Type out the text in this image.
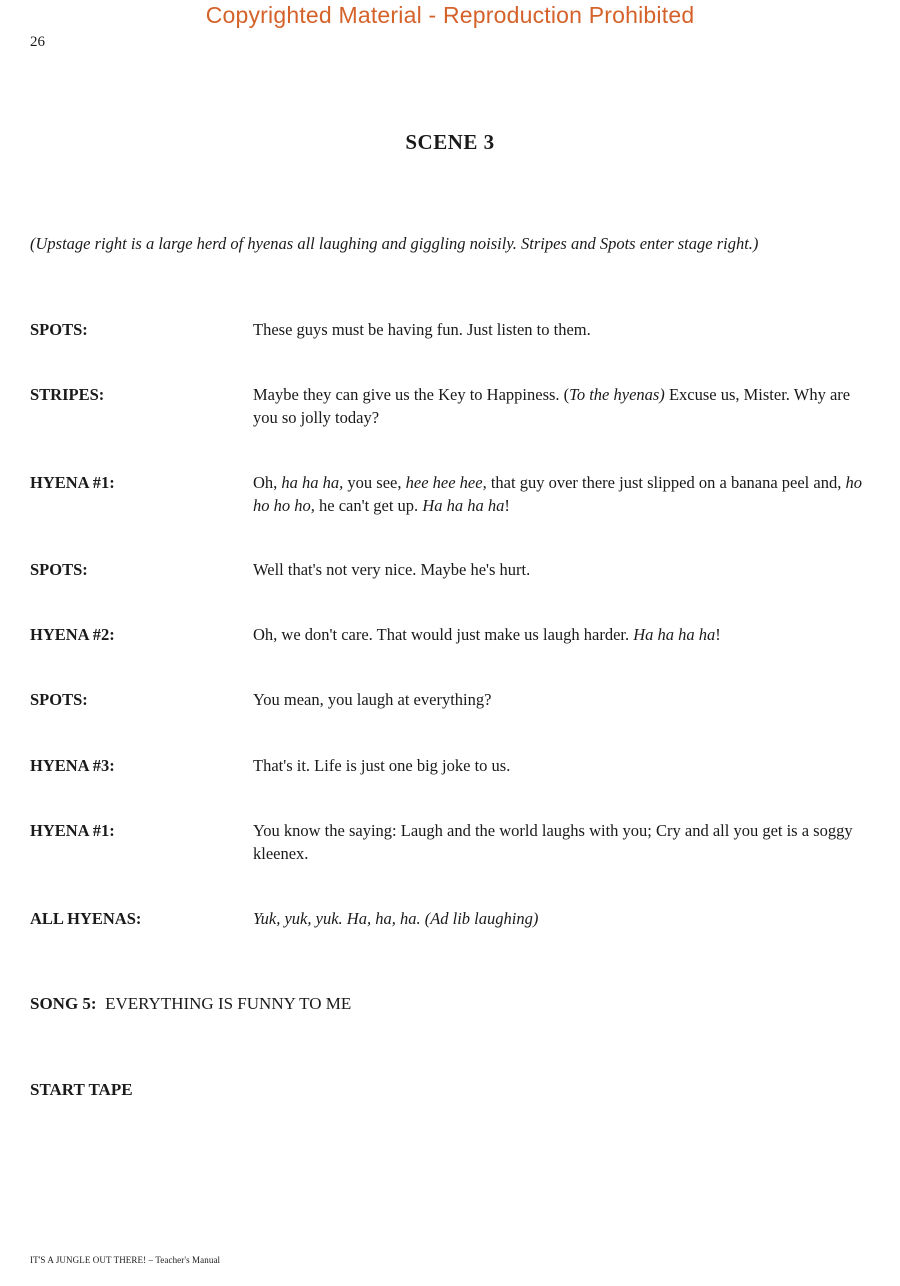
Copyrighted Material - Reproduction Prohibited
26
SCENE 3
(Upstage right is a large herd of hyenas all laughing and giggling noisily. Stripes and Spots enter stage right.)
SPOTS:	These guys must be having fun. Just listen to them.
STRIPES:	Maybe they can give us the Key to Happiness. (To the hyenas) Excuse us, Mister. Why are you so jolly today?
HYENA #1:	Oh, ha ha ha, you see, hee hee hee, that guy over there just slipped on a banana peel and, ho ho ho ho, he can't get up. Ha ha ha ha!
SPOTS:	Well that's not very nice. Maybe he's hurt.
HYENA #2:	Oh, we don't care. That would just make us laugh harder. Ha ha ha ha!
SPOTS:	You mean, you laugh at everything?
HYENA #3:	That's it. Life is just one big joke to us.
HYENA #1:	You know the saying: Laugh and the world laughs with you; Cry and all you get is a soggy kleenex.
ALL HYENAS:	Yuk, yuk, yuk. Ha, ha, ha. (Ad lib laughing)
SONG 5: EVERYTHING IS FUNNY TO ME
START TAPE
IT'S A JUNGLE OUT THERE! – Teacher's Manual
